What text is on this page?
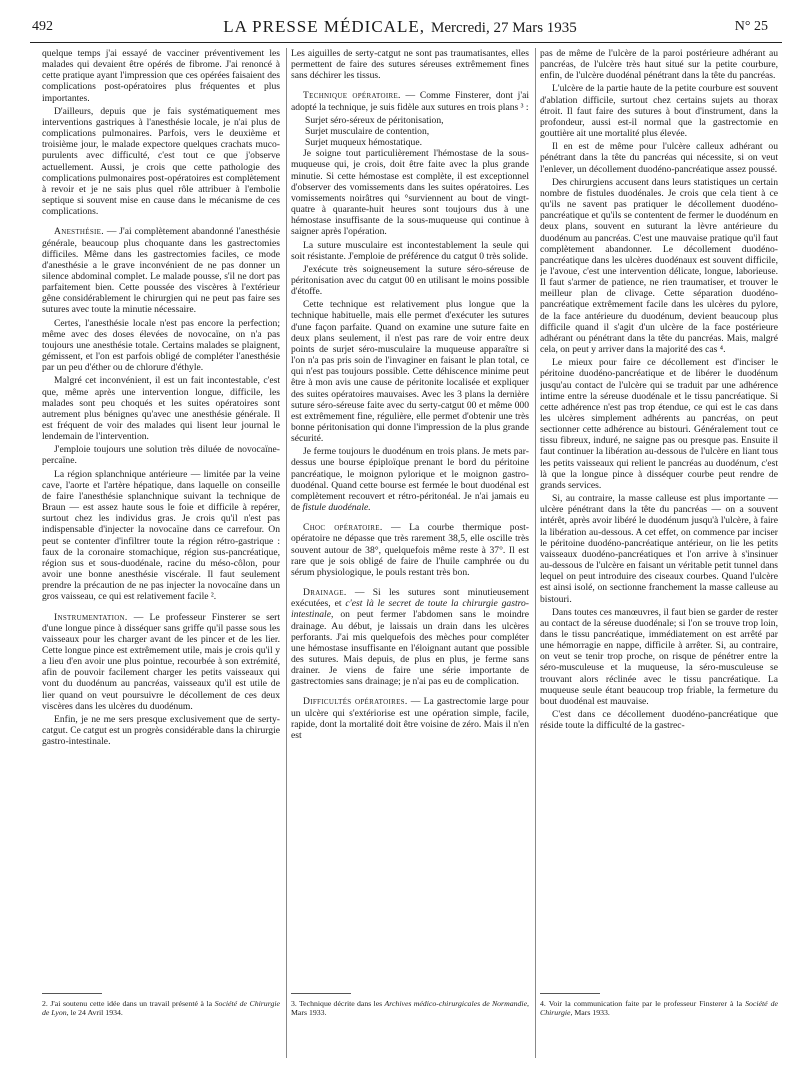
492	LA PRESSE MÉDICALE, Mercredi, 27 Mars 1935	N° 25

quelque temps j'ai essayé de vacciner préventivement les malades qui devaient être opérés de fibrome. J'ai renoncé à cette pratique ayant l'impression que ces opérées faisaient des complications post-opératoires plus fréquentes et plus importantes.

D'ailleurs, depuis que je fais systématiquement mes interventions gastriques à l'anesthésie locale, je n'ai plus de complications pulmonaires. Parfois, vers le deuxième et troisième jour, le malade expectore quelques crachats muco-purulents avec difficulté, c'est tout ce que j'observe actuellement. Aussi, je crois que cette pathologie des complications pulmonaires post-opératoires est complètement à revoir et je ne sais plus quel rôle attribuer à l'embolie septique si souvent mise en cause dans le mécanisme de ces complications.

Anesthésie. — J'ai complètement abandonné l'anesthésie générale, beaucoup plus choquante dans les gastrectomies difficiles. Même dans les gastrectomies faciles, ce mode d'anesthésie a le grave inconvénient de ne pas donner un silence abdominal complet. Le malade pousse, s'il ne dort pas parfaitement bien. Cette poussée des viscères à l'extérieur gêne considérablement le chirurgien qui ne peut pas faire ses sutures avec toute la minutie nécessaire.

Certes, l'anesthésie locale n'est pas encore la perfection; même avec des doses élevées de novocaïne, on n'a pas toujours une anesthésie totale. Certains malades se plaignent, gémissent, et l'on est parfois obligé de compléter l'anesthésie par un peu d'éther ou de chlorure d'éthyle.

Malgré cet inconvénient, il est un fait incontestable, c'est que, même après une intervention longue, difficile, les malades sont peu choqués et les suites opératoires sont autrement plus bénignes qu'avec une anesthésie générale. Il est fréquent de voir des malades qui lisent leur journal le lendemain de l'intervention.

J'emploie toujours une solution très diluée de novocaïne-percaïne.

La région splanchnique antérieure — limitée par la veine cave, l'aorte et l'artère hépatique, dans laquelle on conseille de faire l'anesthésie splanchnique suivant la technique de Braun — est assez haute sous le foie et difficile à repérer, surtout chez les individus gras. Je crois qu'il n'est pas indispensable d'injecter la novocaïne dans ce carrefour. On peut se contenter d'infiltrer toute la région rétro-gastrique : faux de la coronaire stomachique, région sus-pancréatique, région sus et sous-duodénale, racine du méso-côlon, pour avoir une bonne anesthésie viscérale. Il faut seulement prendre la précaution de ne pas injecter la novocaïne dans un gros vaisseau, ce qui est relativement facile ².

Instrumentation. — Le professeur Finsterer se sert d'une longue pince à disséquer sans griffe qu'il passe sous les vaisseaux pour les charger avant de les pincer et de les lier. Cette longue pince est extrêmement utile, mais je crois qu'il y a lieu d'en avoir une plus pointue, recourbée à son extrémité, afin de pouvoir facilement charger les petits vaisseaux qui vont du duodénum au pancréas, vaisseaux qu'il est utile de lier quand on veut poursuivre le décollement de ces deux viscères dans les ulcères du duodénum.

Enfin, je ne me sers presque exclusivement que de serty-catgut. Ce catgut est un progrès considérable dans la chirurgie gastro-intestinale.

Les aiguilles de serty-catgut ne sont pas traumatisantes, elles permettent de faire des sutures séreuses extrêmement fines sans déchirer les tissus.

Technique opératoire. — Comme Finsterer, dont j'ai adopté la technique, je suis fidèle aux sutures en trois plans ³ :

Surjet séro-séreux de péritonisation,

Surjet musculaire de contention,

Surjet muqueux hémostatique.

Je soigne tout particulièrement l'hémostase de la sous-muqueuse qui, je crois, doit être faite avec la plus grande minutie. Si cette hémostase est complète, il est exceptionnel d'observer des vomissements dans les suites opératoires. Les vomissements noirâtres qui °surviennent au bout de vingt-quatre à quarante-huit heures sont toujours dus à une hémostase insuffisante de la sous-muqueuse qui continue à saigner après l'opération.

La suture musculaire est incontestablement la seule qui soit résistante. J'emploie de préférence du catgut 0 très solide.

J'exécute très soigneusement la suture séro-séreuse de péritonisation avec du catgut 00 en utilisant le moins possible d'étoffe.

Cette technique est relativement plus longue que la technique habituelle, mais elle permet d'exécuter les sutures d'une façon parfaite. Quand on examine une suture faite en deux plans seulement, il n'est pas rare de voir entre deux points de surjet séro-musculaire la muqueuse apparaître si l'on n'a pas pris soin de l'invaginer en faisant le plan total, ce qui n'est pas toujours possible. Cette déhiscence minime peut être à mon avis une cause de péritonite localisée et expliquer des suites opératoires mauvaises. Avec les 3 plans la dernière suture séro-séreuse faite avec du serty-catgut 00 et même 000 est extrêmement fine, régulière, elle permet d'obtenir une très bonne péritonisation qui donne l'impression de la plus grande sécurité.

Je ferme toujours le duodénum en trois plans. Je mets par-dessus une bourse épiploïque prenant le bord du péritoine pancréatique, le moignon pylorique et le moignon gastro-duodénal. Quand cette bourse est fermée le bout duodénal est complètement recouvert et rétro-péritonéal. Je n'ai jamais eu de fistule duodénale.

Choc opératoire. — La courbe thermique post-opératoire ne dépasse que très rarement 38,5, elle oscille très souvent autour de 38°, quelquefois même reste à 37°. Il est rare que je sois obligé de faire de l'huile camphrée ou du sérum physiologique, le pouls restant très bon.

Drainage. — Si les sutures sont minutieusement exécutées, et c'est là le secret de toute la chirurgie gastro-intestinale, on peut fermer l'abdomen sans le moindre drainage. Au début, je laissais un drain dans les ulcères perforants. J'ai mis quelquefois des mèches pour compléter une hémostase insuffisante en l'éloignant autant que possible des sutures. Mais depuis, de plus en plus, je ferme sans drainer. Je viens de faire une série importante de gastrectomies sans drainage; je n'ai pas eu de complication.

Difficultés opératoires. — La gastrectomie large pour un ulcère qui s'extériorise est une opération simple, facile, rapide, dont la mortalité doit être voisine de zéro. Mais il n'en est

pas de même de l'ulcère de la paroi postérieure adhérant au pancréas, de l'ulcère très haut situé sur la petite courbure, enfin, de l'ulcère duodénal pénétrant dans la tête du pancréas.

L'ulcère de la partie haute de la petite courbure est souvent d'ablation difficile, surtout chez certains sujets au thorax étroit. Il faut faire des sutures à bout d'instrument, dans la profondeur, aussi est-il normal que la gastrectomie en gouttière ait une mortalité plus élevée.

Il en est de même pour l'ulcère calleux adhérant ou pénétrant dans la tête du pancréas qui nécessite, si on veut l'enlever, un décollement duodéno-pancréatique assez poussé.

Des chirurgiens accusent dans leurs statistiques un certain nombre de fistules duodénales. Je crois que cela tient à ce qu'ils ne savent pas pratiquer le décollement duodéno-pancréatique et qu'ils se contentent de fermer le duodénum en deux plans, souvent en suturant la lèvre antérieure du duodénum au pancréas. C'est une mauvaise pratique qu'il faut complètement abandonner. Le décollement duodéno-pancréatique dans les ulcères duodénaux est souvent difficile, je l'avoue, c'est une intervention délicate, longue, laborieuse. Il faut s'armer de patience, ne rien traumatiser, et trouver le meilleur plan de clivage. Cette séparation duodéno-pancréatique extrêmement facile dans les ulcères du pylore, de la face antérieure du duodénum, devient beaucoup plus difficile quand il s'agit d'un ulcère de la face postérieure adhérant ou pénétrant dans la tête du pancréas. Mais, malgré cela, on peut y arriver dans la majorité des cas ⁴.

Le mieux pour faire ce décollement est d'inciser le péritoine duodéno-pancréatique et de libérer le duodénum jusqu'au contact de l'ulcère qui se traduit par une adhérence intime entre la séreuse duodénale et le tissu pancréatique. Si cette adhérence n'est pas trop étendue, ce qui est le cas dans les ulcères simplement adhérents au pancréas, on peut sectionner cette adhérence au bistouri. Généralement tout ce tissu fibreux, induré, ne saigne pas ou presque pas. Ensuite il faut continuer la libération au-dessous de l'ulcère en liant tous les petits vaisseaux qui relient le pancréas au duodénum, c'est là que la longue pince à disséquer courbe peut rendre de grands services.

Si, au contraire, la masse calleuse est plus importante — ulcère pénétrant dans la tête du pancréas — on a souvent intérêt, après avoir libéré le duodénum jusqu'à l'ulcère, à faire la libération au-dessous. A cet effet, on commence par inciser le péritoine duodéno-pancréatique antérieur, on lie les petits vaisseaux duodéno-pancréatiques et l'on arrive à s'insinuer au-dessous de l'ulcère en faisant un véritable petit tunnel dans lequel on peut introduire des ciseaux courbes. Quand l'ulcère est ainsi isolé, on sectionne franchement la masse calleuse au bistouri.

Dans toutes ces manœuvres, il faut bien se garder de rester au contact de la séreuse duodénale; si l'on se trouve trop loin, dans le tissu pancréatique, immédiatement on est arrêté par une hémorragie en nappe, difficile à arrêter. Si, au contraire, on veut se tenir trop proche, on risque de pénétrer entre la séro-musculeuse et la muqueuse, la séro-musculeuse se trouvant alors réclinée avec le tissu pancréatique. La muqueuse seule étant beaucoup trop friable, la fermeture du bout duodénal est mauvaise.

C'est dans ce décollement duodéno-pancréatique que réside toute la difficulté de la gastrec-

2. J'ai soutenu cette idée dans un travail présenté à la Société de Chirurgie de Lyon, le 24 Avril 1934.
3. Technique décrite dans les Archives médico-chirurgicales de Normandie, Mars 1933.
4. Voir la communication faite par le professeur Finsterer à la Société de Chirurgie, Mars 1933.
